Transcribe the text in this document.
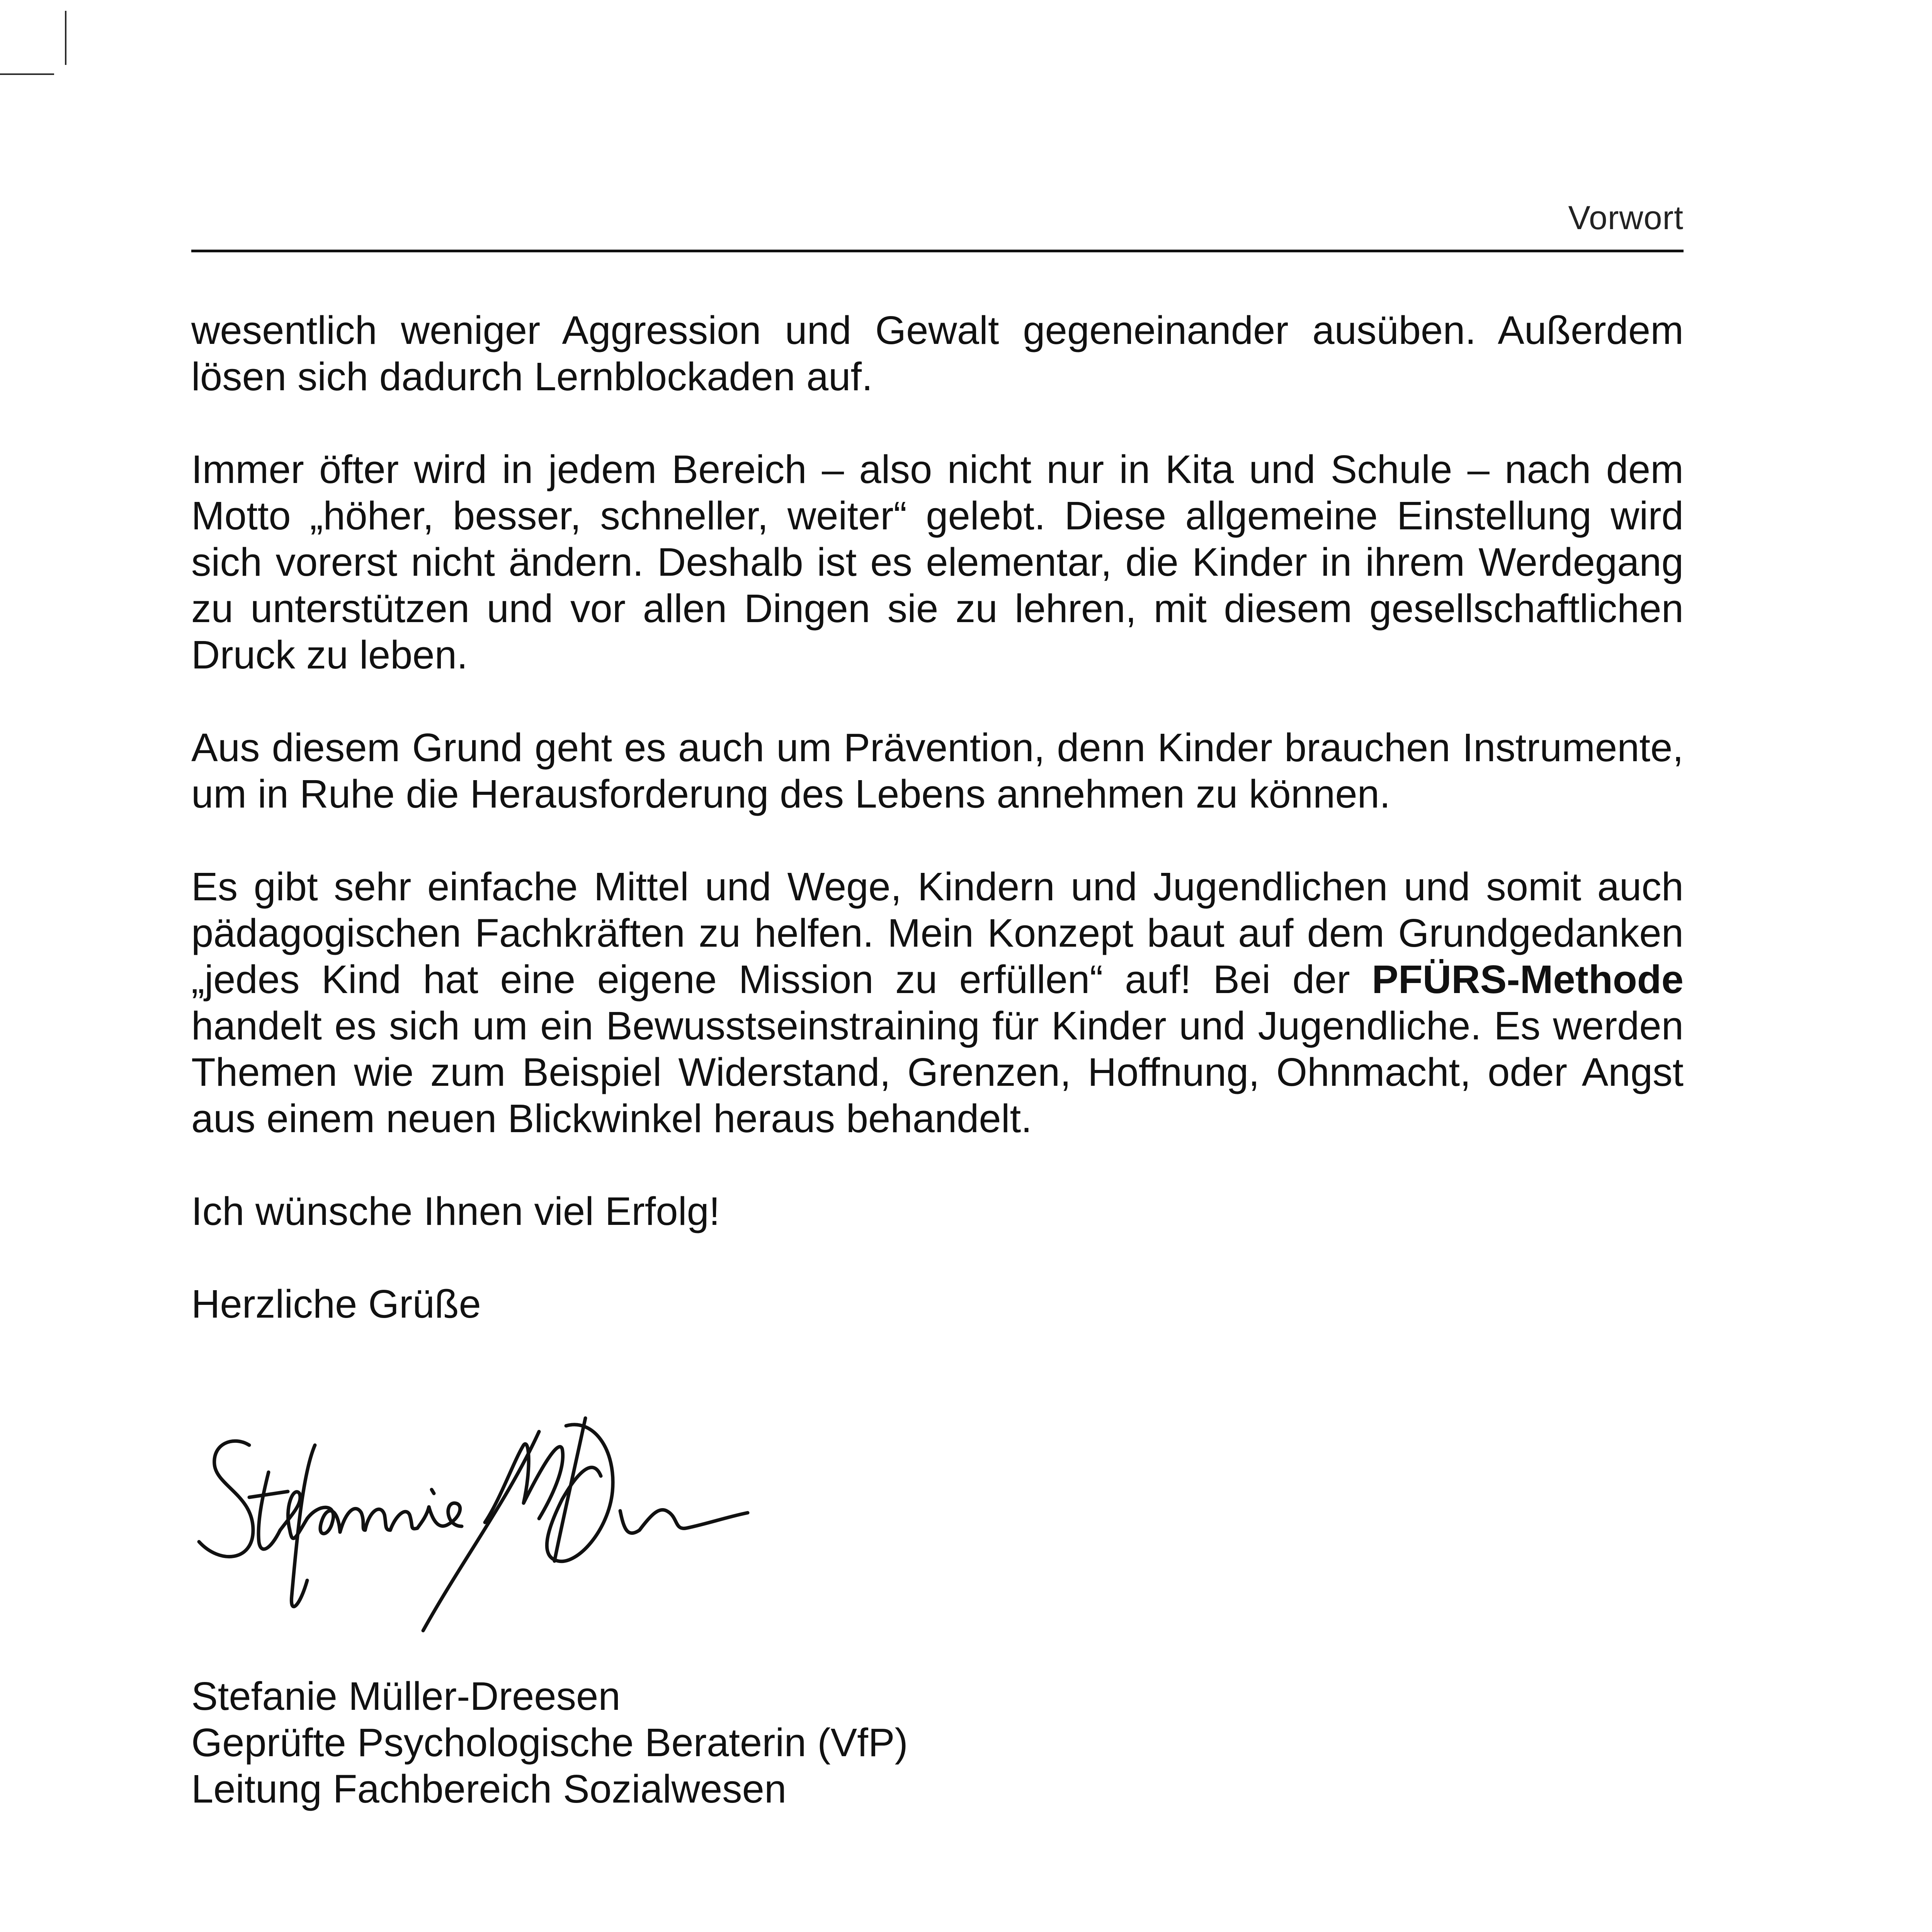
Vorwort

wesentlich weniger Aggression und Gewalt gegeneinander ausüben. Außerdem lösen sich dadurch Lernblockaden auf.

Immer öfter wird in jedem Bereich – also nicht nur in Kita und Schule – nach dem Motto „höher, besser, schneller, weiter“ gelebt. Diese allgemeine Einstellung wird sich vorerst nicht ändern. Deshalb ist es elementar, die Kinder in ihrem Werdegang zu unterstützen und vor allen Dingen sie zu lehren, mit diesem gesellschaftlichen Druck zu leben.

Aus diesem Grund geht es auch um Prävention, denn Kinder brauchen Instrumente, um in Ruhe die Herausforderung des Lebens annehmen zu können.

Es gibt sehr einfache Mittel und Wege, Kindern und Jugendlichen und somit auch pädagogischen Fachkräften zu helfen. Mein Konzept baut auf dem Grundgedanken „jedes Kind hat eine eigene Mission zu erfüllen“ auf! Bei der PFÜRS-Methode handelt es sich um ein Bewusstseinstraining für Kinder und Jugendliche. Es werden Themen wie zum Beispiel Widerstand, Grenzen, Hoffnung, Ohnmacht, oder Angst aus einem neuen Blickwinkel heraus behandelt.

Ich wünsche Ihnen viel Erfolg!

Herzliche Grüße

Stefanie Müller-Dreesen
Geprüfte Psychologische Beraterin (VfP)
Leitung Fachbereich Sozialwesen
